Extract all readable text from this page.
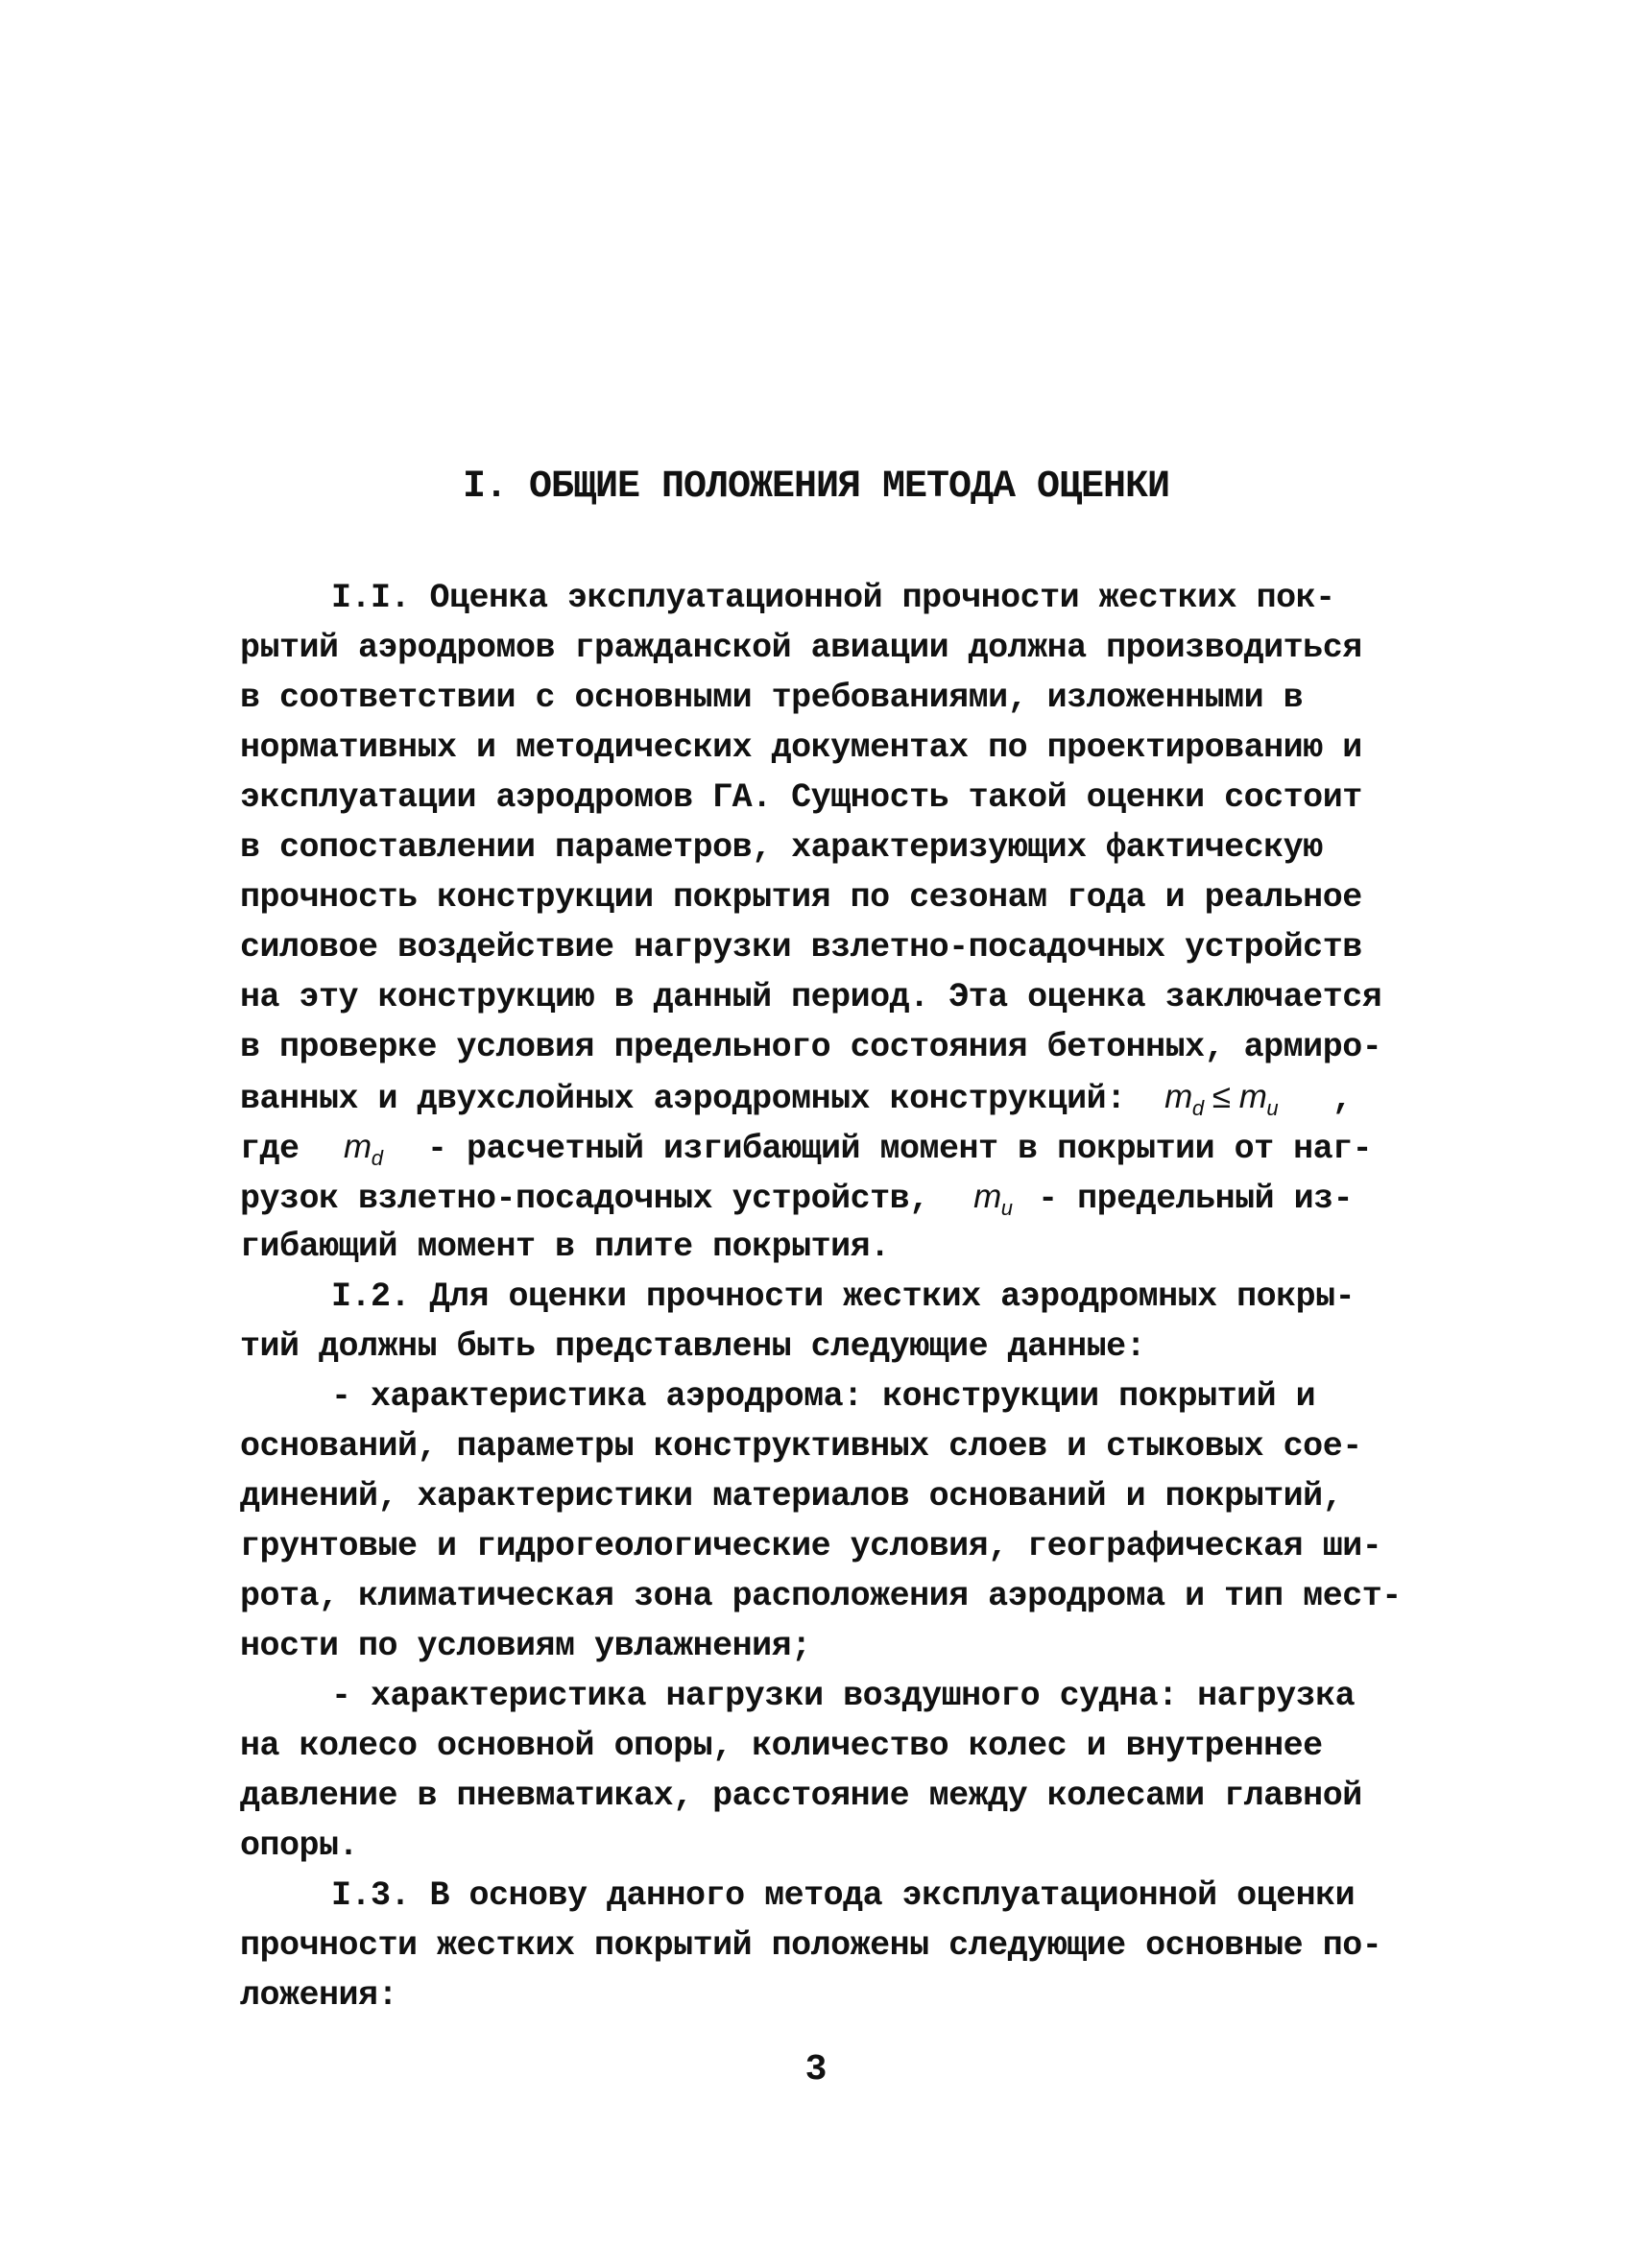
I. ОБЩИЕ ПОЛОЖЕНИЯ МЕТОДА ОЦЕНКИ
I.I. Оценка эксплуатационной прочности жестких пок-
рытий аэродромов гражданской авиации должна производиться
в соответствии с основными требованиями, изложенными в
нормативных и методических документах по проектированию и
эксплуатации аэродромов ГА. Сущность такой оценки состоит
в сопоставлении параметров, характеризующих фактическую
прочность конструкции покрытия по сезонам года и реальное
силовое воздействие нагрузки взлетно-посадочных устройств
на эту конструкцию в данный период. Эта оценка заключается
в проверке условия предельного состояния бетонных, армиро-
ванных и двухслойных аэродромных конструкций: $m_d \le m_u$ ,
где $m_d$ - расчетный изгибающий момент в покрытии от наг-
рузок взлетно-посадочных устройств, $m_u$ - предельный из-
гибающий момент в плите покрытия.
I.2. Для оценки прочности жестких аэродромных покры-
тий должны быть представлены следующие данные:
- характеристика аэродрома: конструкции покрытий и
оснований, параметры конструктивных слоев и стыковых сое-
динений, характеристики материалов оснований и покрытий,
грунтовые и гидрогеологические условия, географическая ши-
рота, климатическая зона расположения аэродрома и тип мест-
ности по условиям увлажнения;
- характеристика нагрузки воздушного судна: нагрузка
на колесо основной опоры, количество колес и внутреннее
давление в пневматиках, расстояние между колесами главной
опоры.
I.3. В основу данного метода эксплуатационной оценки
прочности жестких покрытий положены следующие основные по-
ложения:
3
